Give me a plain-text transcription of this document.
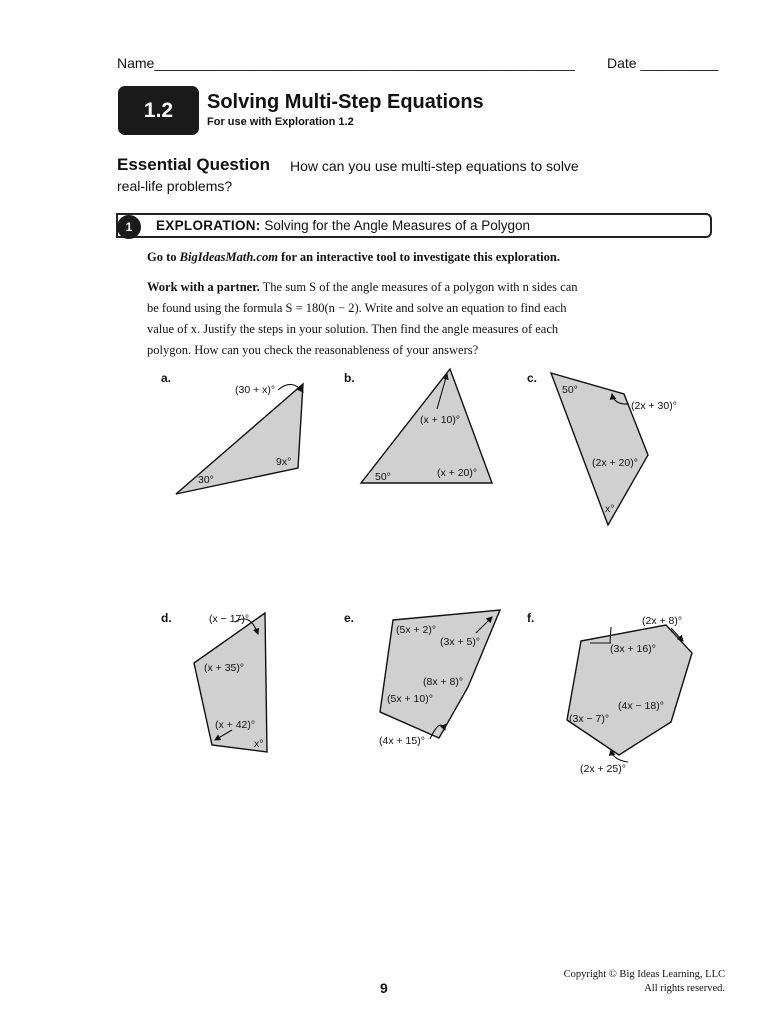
Name______________________________________________________ Date __________
1.2	Solving Multi-Step Equations
For use with Exploration 1.2
Essential Question How can you use multi-step equations to solve
real-life problems?
1	EXPLORATION: Solving for the Angle Measures of a Polygon
Go to BigIdeasMath.com for an interactive tool to investigate this exploration.
Work with a partner. The sum S of the angle measures of a polygon with n sides can
be found using the formula S = 180(n − 2). Write and solve an equation to find each
value of x. Justify the steps in your solution. Then find the angle measures of each
polygon. How can you check the reasonableness of your answers?
a.
(30 + x)°
9x°
30°
b.
(x + 10)°
50°	(x + 20)°
c.
50°
(2x + 30)°
(2x + 20)°
x°
d.	(x − 17)°
(x + 35)°
(x + 42)°
x°
e.
(5x + 2)°
(3x + 5)°
(8x + 8)°
(5x + 10)°
(4x + 15)°
f.	(2x + 8)°
(3x + 16)°
(4x − 18)°
(3x − 7)°
(2x + 25)°
9
Copyright © Big Ideas Learning, LLC
All rights reserved.
